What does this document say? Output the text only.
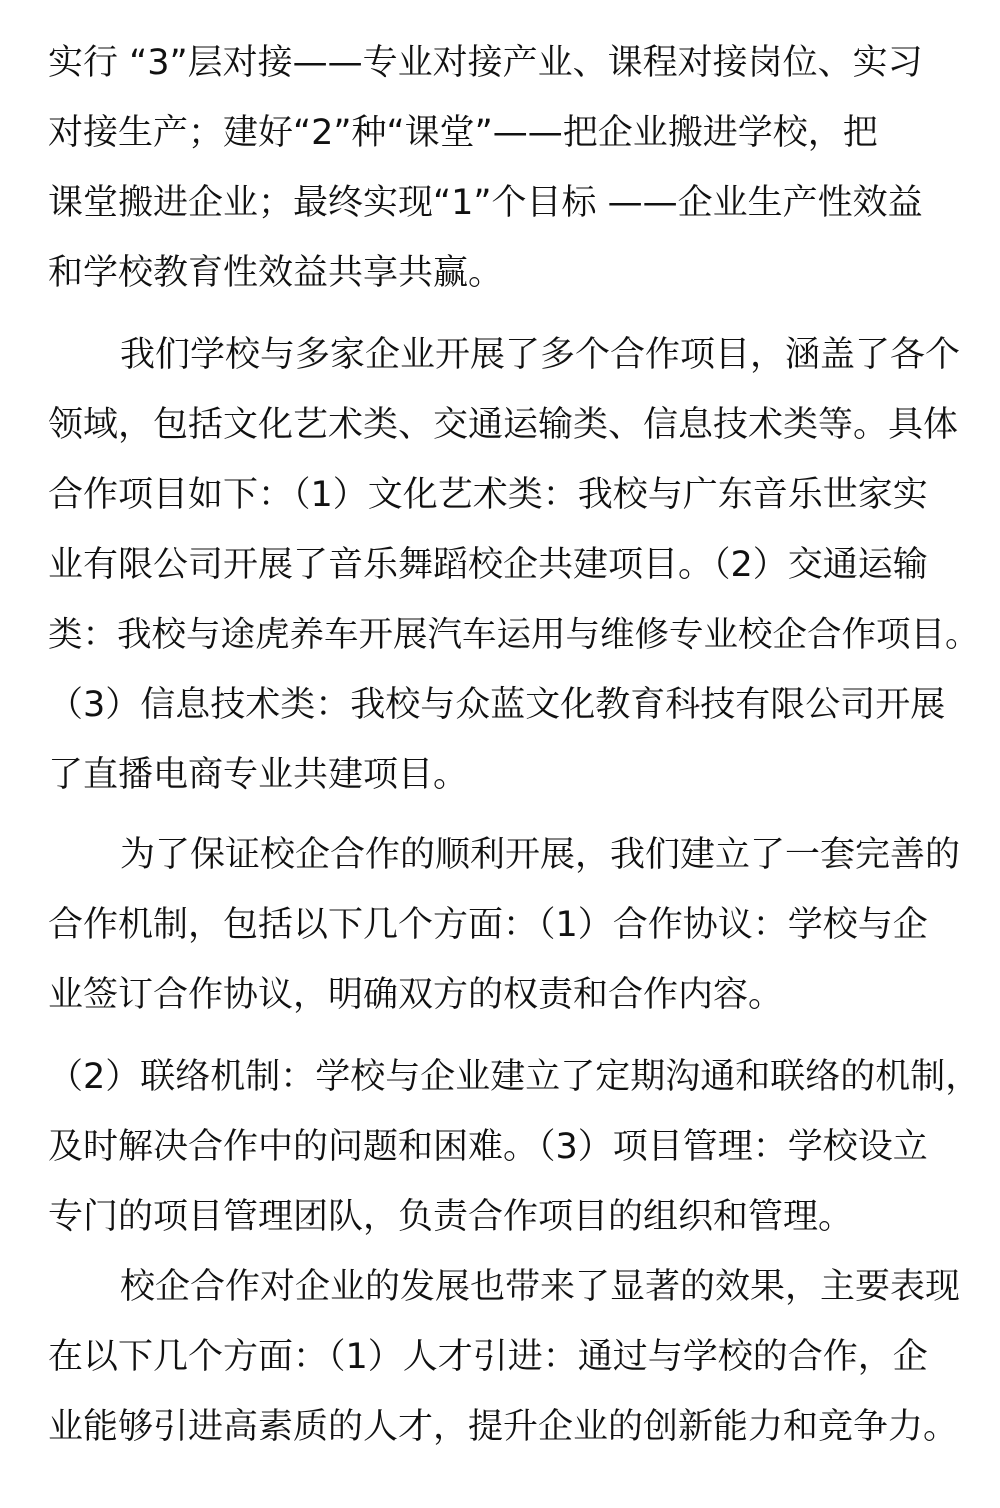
实行 “3”层对接——专业对接产业、课程对接岗位、实习
对接生产；建好“2”种“课堂”——把企业搬进学校，把
课堂搬进企业；最终实现“1”个目标 ——企业生产性效益
和学校教育性效益共享共赢。
我们学校与多家企业开展了多个合作项目，涵盖了各个
领域，包括文化艺术类、交通运输类、信息技术类等。具体
合作项目如下：（1）文化艺术类：我校与广东音乐世家实
业有限公司开展了音乐舞蹈校企共建项目。（2）交通运输
类：我校与途虎养车开展汽车运用与维修专业校企合作项目。
（3）信息技术类：我校与众蓝文化教育科技有限公司开展
了直播电商专业共建项目。
为了保证校企合作的顺利开展，我们建立了一套完善的
合作机制，包括以下几个方面：（1）合作协议：学校与企
业签订合作协议，明确双方的权责和合作内容。
（2）联络机制：学校与企业建立了定期沟通和联络的机制，
及时解决合作中的问题和困难。（3）项目管理：学校设立
专门的项目管理团队，负责合作项目的组织和管理。
校企合作对企业的发展也带来了显著的效果，主要表现
在以下几个方面：（1）人才引进：通过与学校的合作，企
业能够引进高素质的人才，提升企业的创新能力和竞争力。
